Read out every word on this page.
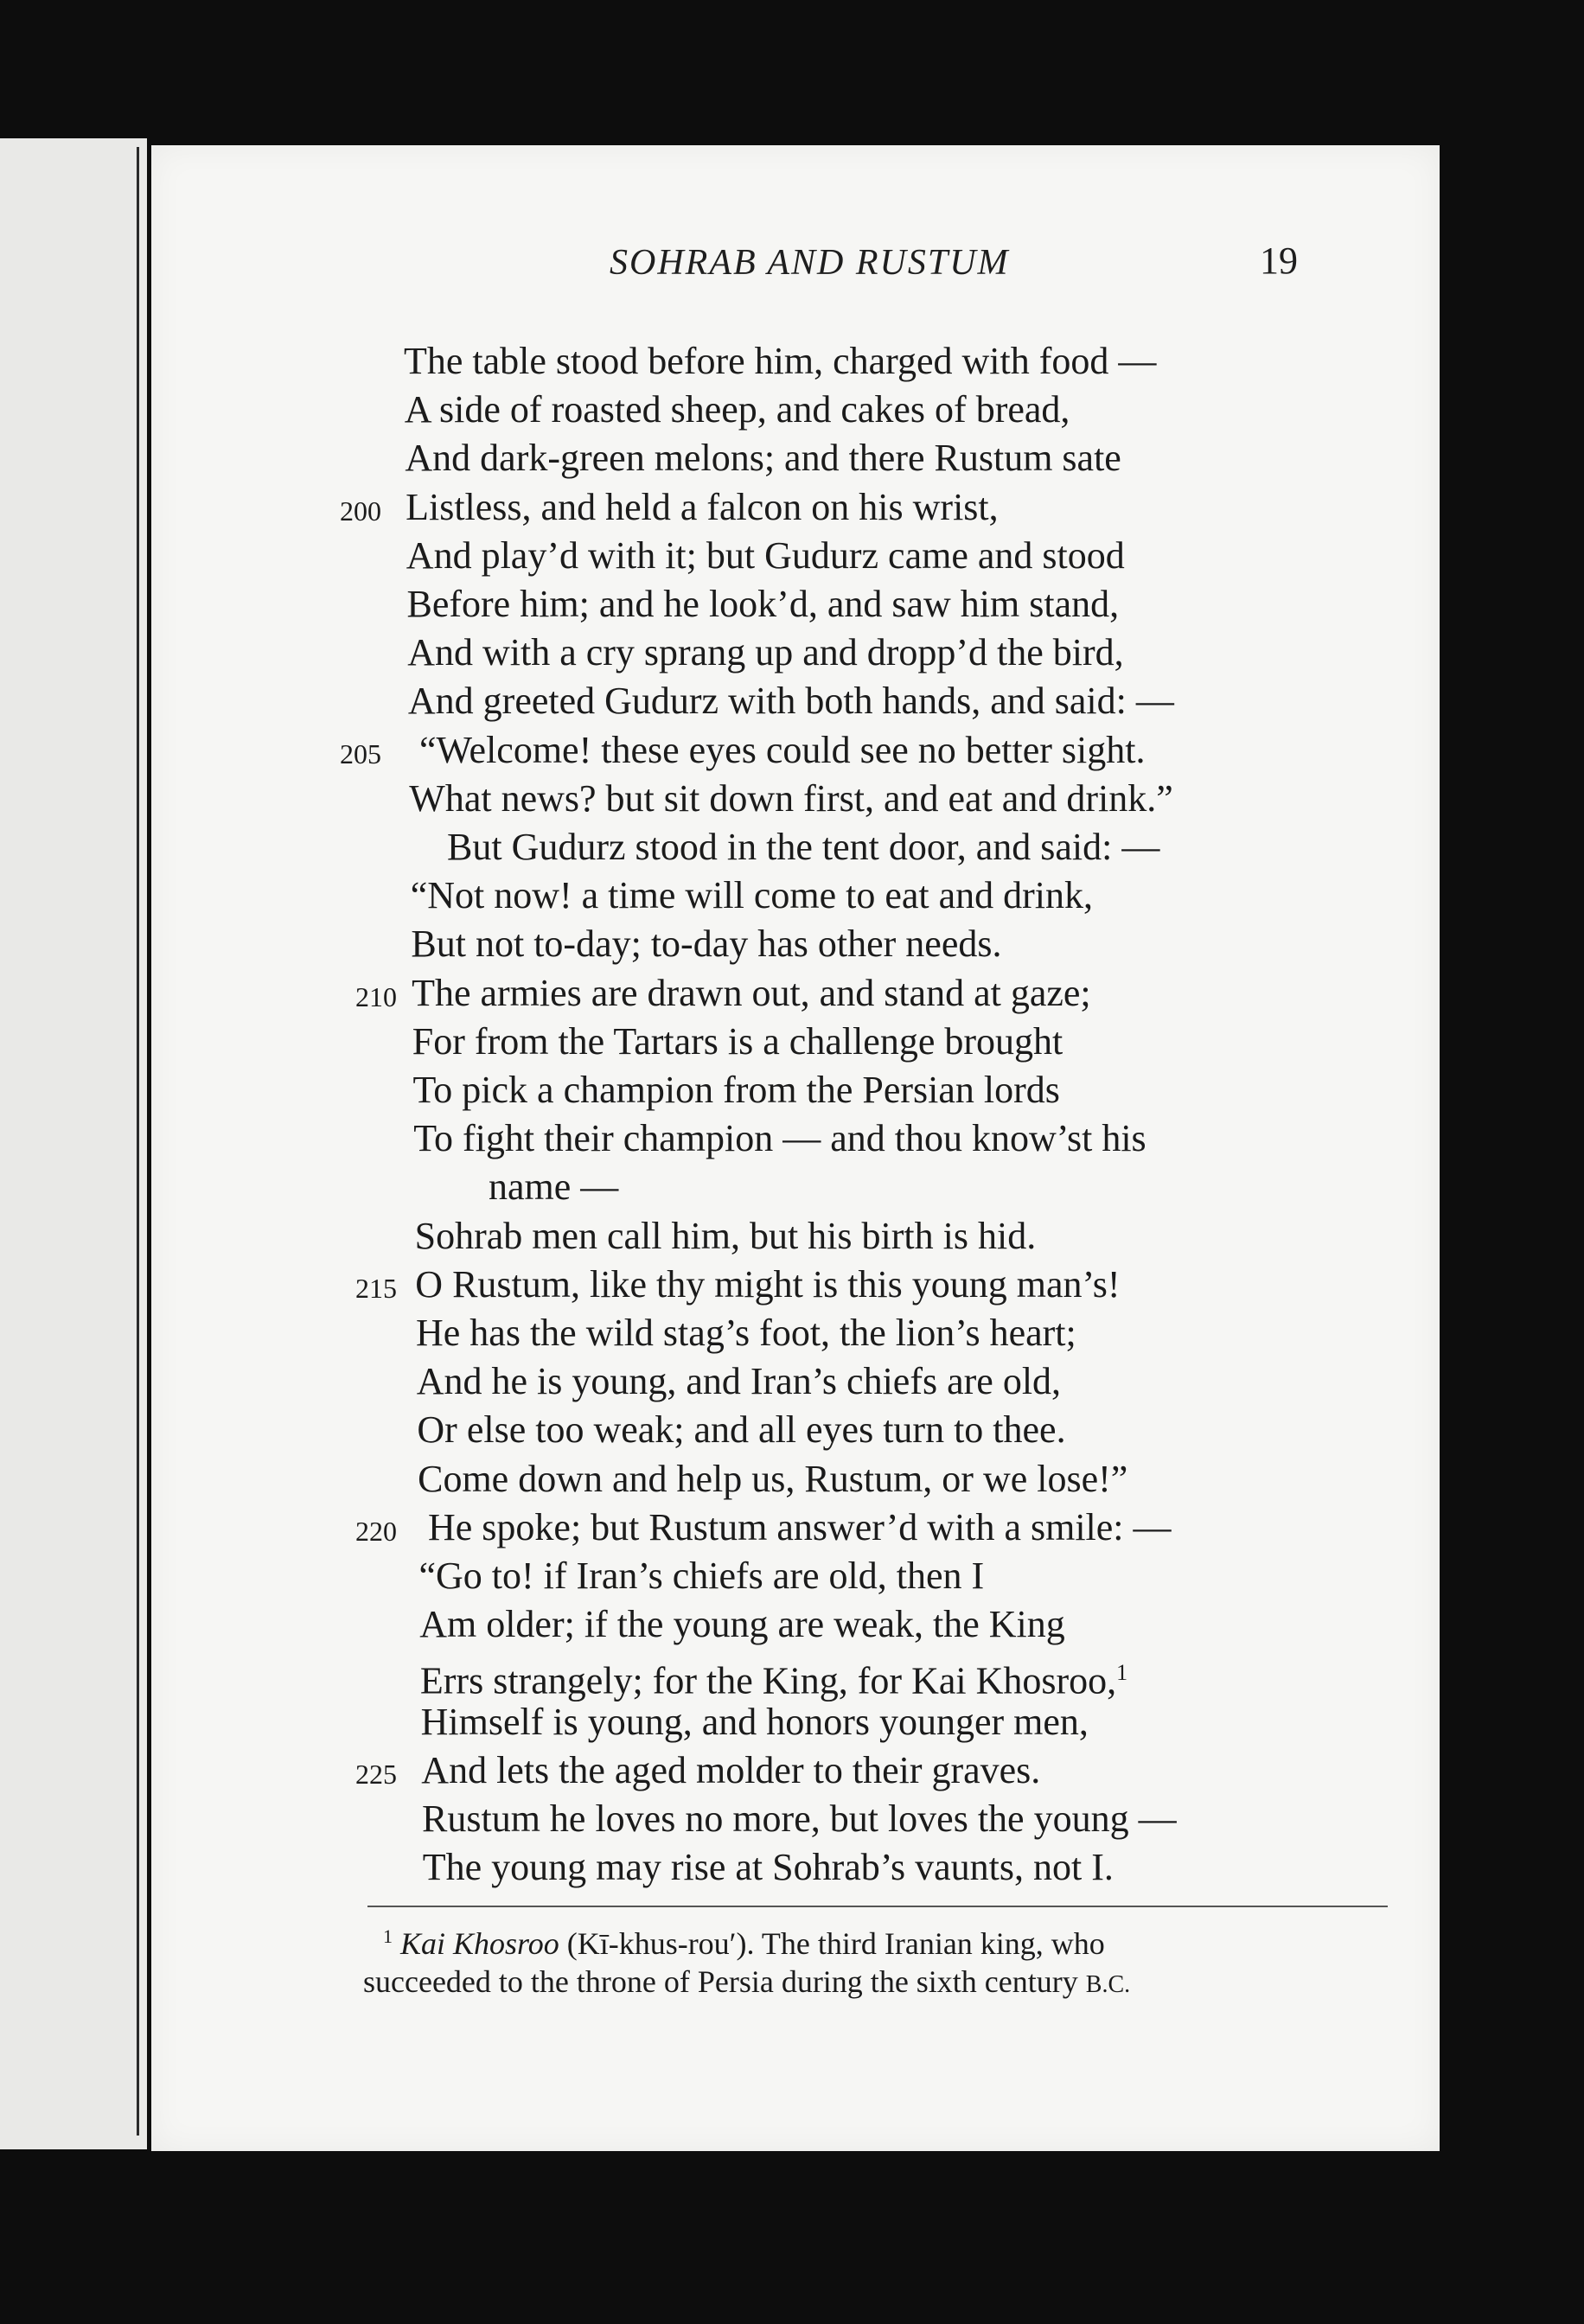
SOHRAB AND RUSTUM	19
The table stood before him, charged with food —
A side of roasted sheep, and cakes of bread,
And dark-green melons; and there Rustum sate
200 Listless, and held a falcon on his wrist,
And play’d with it; but Gudurz came and stood
Before him; and he look’d, and saw him stand,
And with a cry sprang up and dropp’d the bird,
And greeted Gudurz with both hands, and said: —
205 “Welcome! these eyes could see no better sight.
What news? but sit down first, and eat and drink.”
But Gudurz stood in the tent door, and said: —
“Not now! a time will come to eat and drink,
But not to-day; to-day has other needs.
210 The armies are drawn out, and stand at gaze;
For from the Tartars is a challenge brought
To pick a champion from the Persian lords
To fight their champion — and thou know’st his
name —
Sohrab men call him, but his birth is hid.
215 O Rustum, like thy might is this young man’s!
He has the wild stag’s foot, the lion’s heart;
And he is young, and Iran’s chiefs are old,
Or else too weak; and all eyes turn to thee.
Come down and help us, Rustum, or we lose!”
220 He spoke; but Rustum answer’d with a smile: —
“Go to! if Iran’s chiefs are old, then I
Am older; if the young are weak, the King
Errs strangely; for the King, for Kai Khosroo,$^1$
Himself is young, and honors younger men,
225 And lets the aged molder to their graves.
Rustum he loves no more, but loves the young —
The young may rise at Sohrab’s vaunts, not I.
$^1$ Kai Khosroo (Kī-khus-rou′). The third Iranian king, who
succeeded to the throne of Persia during the sixth century B.C.
